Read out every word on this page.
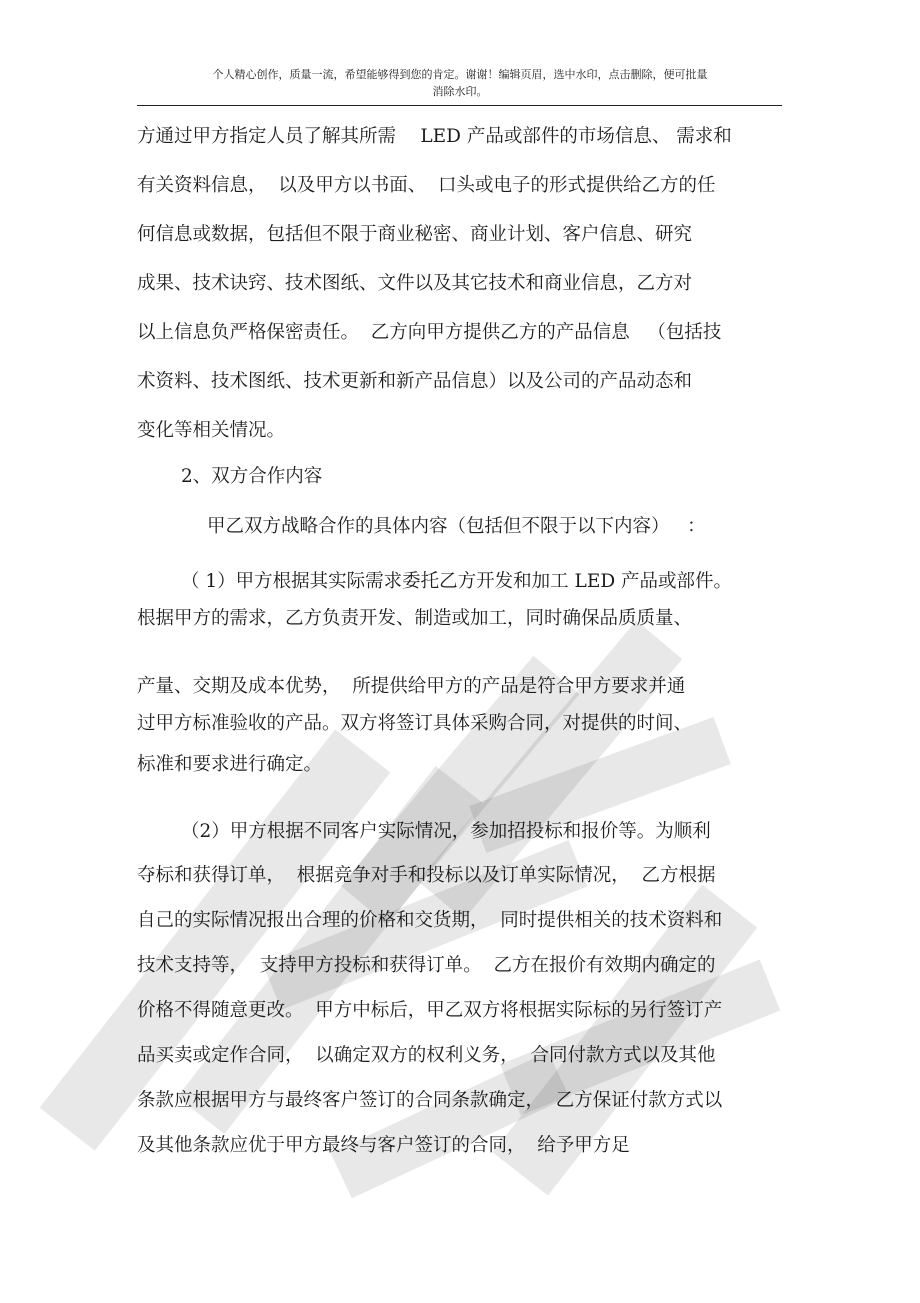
个人精心创作，质量一流，希望能够得到您的肯定。谢谢！编辑页眉，选中水印，点击删除，便可批量
消除水印。
方通过甲方指定人员了解其所需　 LED 产品或部件的市场信息、 需求和
有关资料信息，  以及甲方以书面、  口头或电子的形式提供给乙方的任
何信息或数据，包括但不限于商业秘密、商业计划、客户信息、研究
成果、技术诀窍、技术图纸、文件以及其它技术和商业信息，乙方对
以上信息负严格保密责任。  乙方向甲方提供乙方的产品信息   （包括技
术资料、技术图纸、技术更新和新产品信息）以及公司的产品动态和
变化等相关情况。
2、双方合作内容
甲乙双方战略合作的具体内容（包括但不限于以下内容）   ：
（ 1）甲方根据其实际需求委托乙方开发和加工 LED 产品或部件。
根据甲方的需求，乙方负责开发、制造或加工，同时确保品质质量、
产量、交期及成本优势，  所提供给甲方的产品是符合甲方要求并通
过甲方标准验收的产品。双方将签订具体采购合同，对提供的时间、
标准和要求进行确定。
（2）甲方根据不同客户实际情况，参加招投标和报价等。为顺利
夺标和获得订单，  根据竞争对手和投标以及订单实际情况，  乙方根据
自己的实际情况报出合理的价格和交货期，  同时提供相关的技术资料和
技术支持等，  支持甲方投标和获得订单。  乙方在报价有效期内确定的
价格不得随意更改。  甲方中标后，甲乙双方将根据实际标的另行签订产
品买卖或定作合同，  以确定双方的权利义务，  合同付款方式以及其他
条款应根据甲方与最终客户签订的合同条款确定，  乙方保证付款方式以
及其他条款应优于甲方最终与客户签订的合同，  给予甲方足
